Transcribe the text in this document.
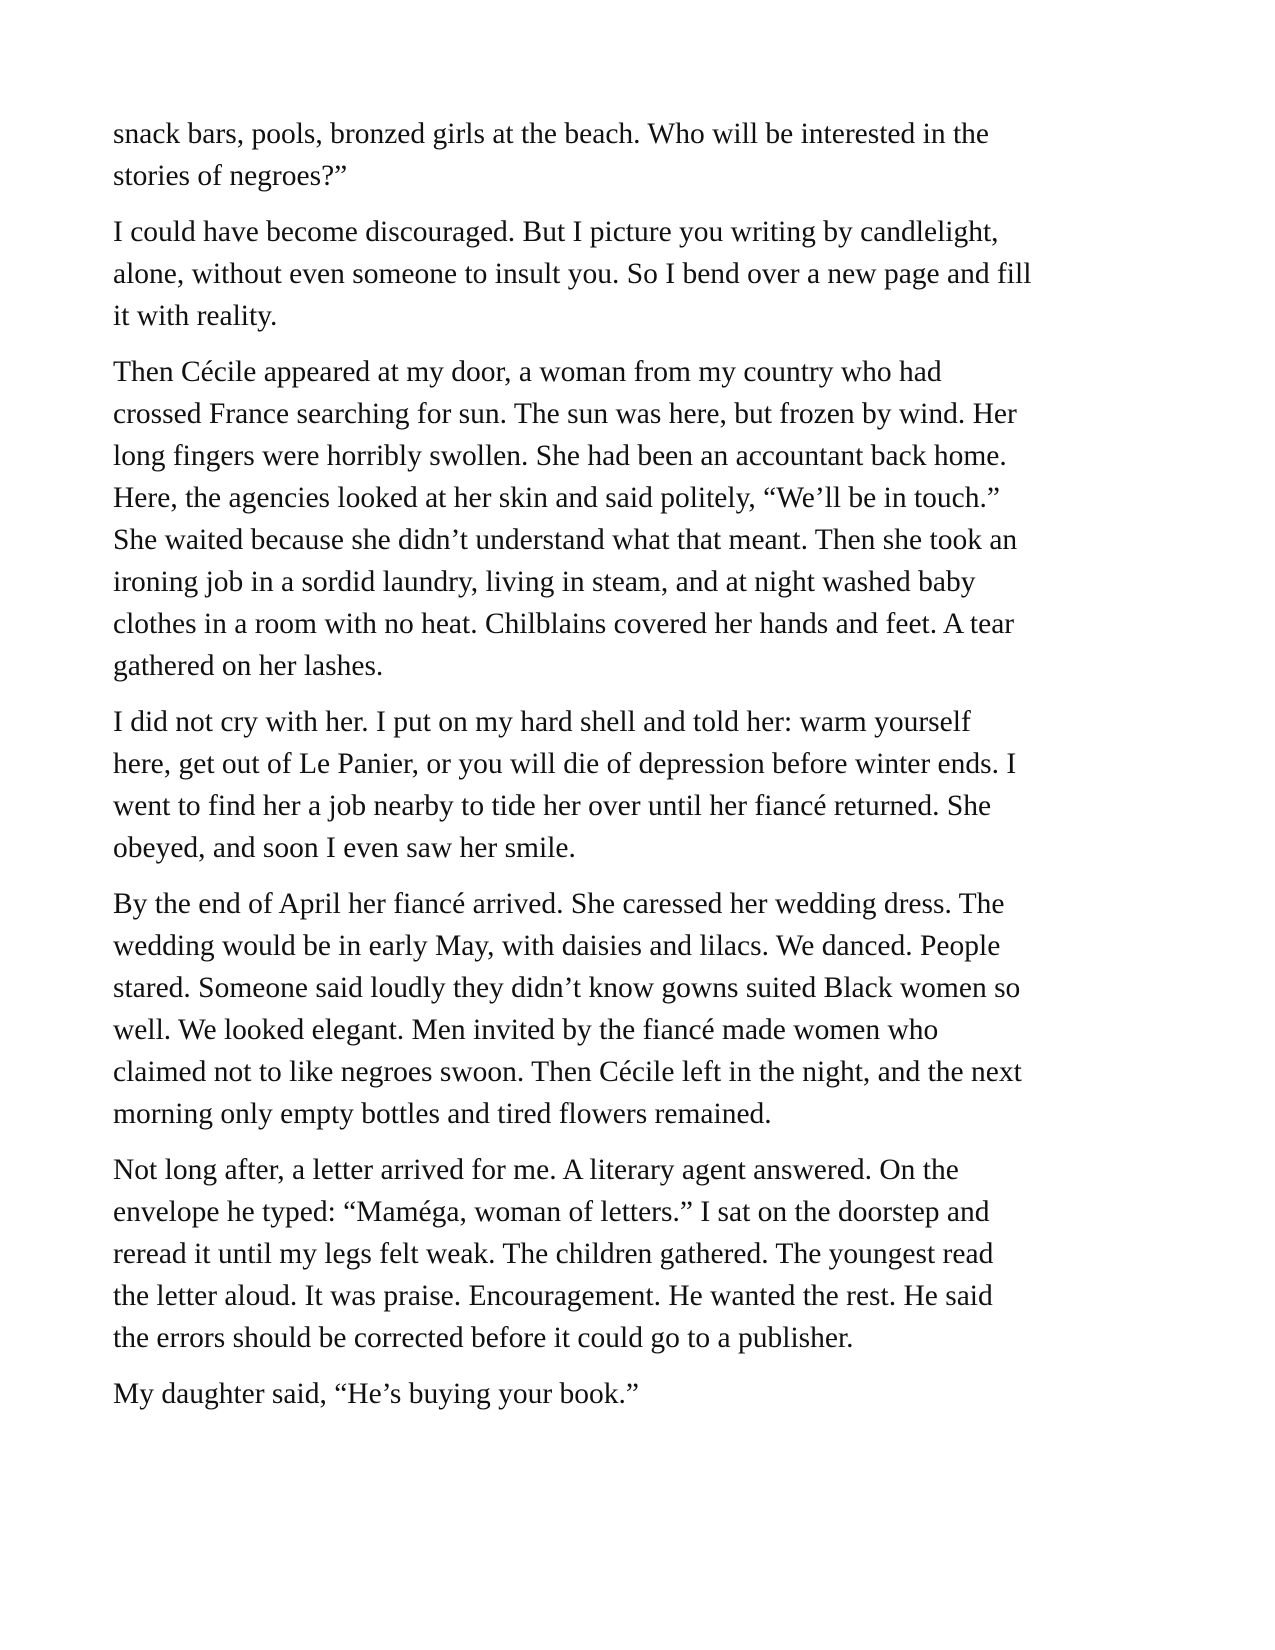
snack bars, pools, bronzed girls at the beach. Who will be interested in the
stories of negroes?”

I could have become discouraged. But I picture you writing by candlelight,
alone, without even someone to insult you. So I bend over a new page and fill
it with reality.

Then Cécile appeared at my door, a woman from my country who had
crossed France searching for sun. The sun was here, but frozen by wind. Her
long fingers were horribly swollen. She had been an accountant back home.
Here, the agencies looked at her skin and said politely, “We’ll be in touch.”
She waited because she didn’t understand what that meant. Then she took an
ironing job in a sordid laundry, living in steam, and at night washed baby
clothes in a room with no heat. Chilblains covered her hands and feet. A tear
gathered on her lashes.

I did not cry with her. I put on my hard shell and told her: warm yourself
here, get out of Le Panier, or you will die of depression before winter ends. I
went to find her a job nearby to tide her over until her fiancé returned. She
obeyed, and soon I even saw her smile.

By the end of April her fiancé arrived. She caressed her wedding dress. The
wedding would be in early May, with daisies and lilacs. We danced. People
stared. Someone said loudly they didn’t know gowns suited Black women so
well. We looked elegant. Men invited by the fiancé made women who
claimed not to like negroes swoon. Then Cécile left in the night, and the next
morning only empty bottles and tired flowers remained.

Not long after, a letter arrived for me. A literary agent answered. On the
envelope he typed: “Maméga, woman of letters.” I sat on the doorstep and
reread it until my legs felt weak. The children gathered. The youngest read
the letter aloud. It was praise. Encouragement. He wanted the rest. He said
the errors should be corrected before it could go to a publisher.

My daughter said, “He’s buying your book.”
